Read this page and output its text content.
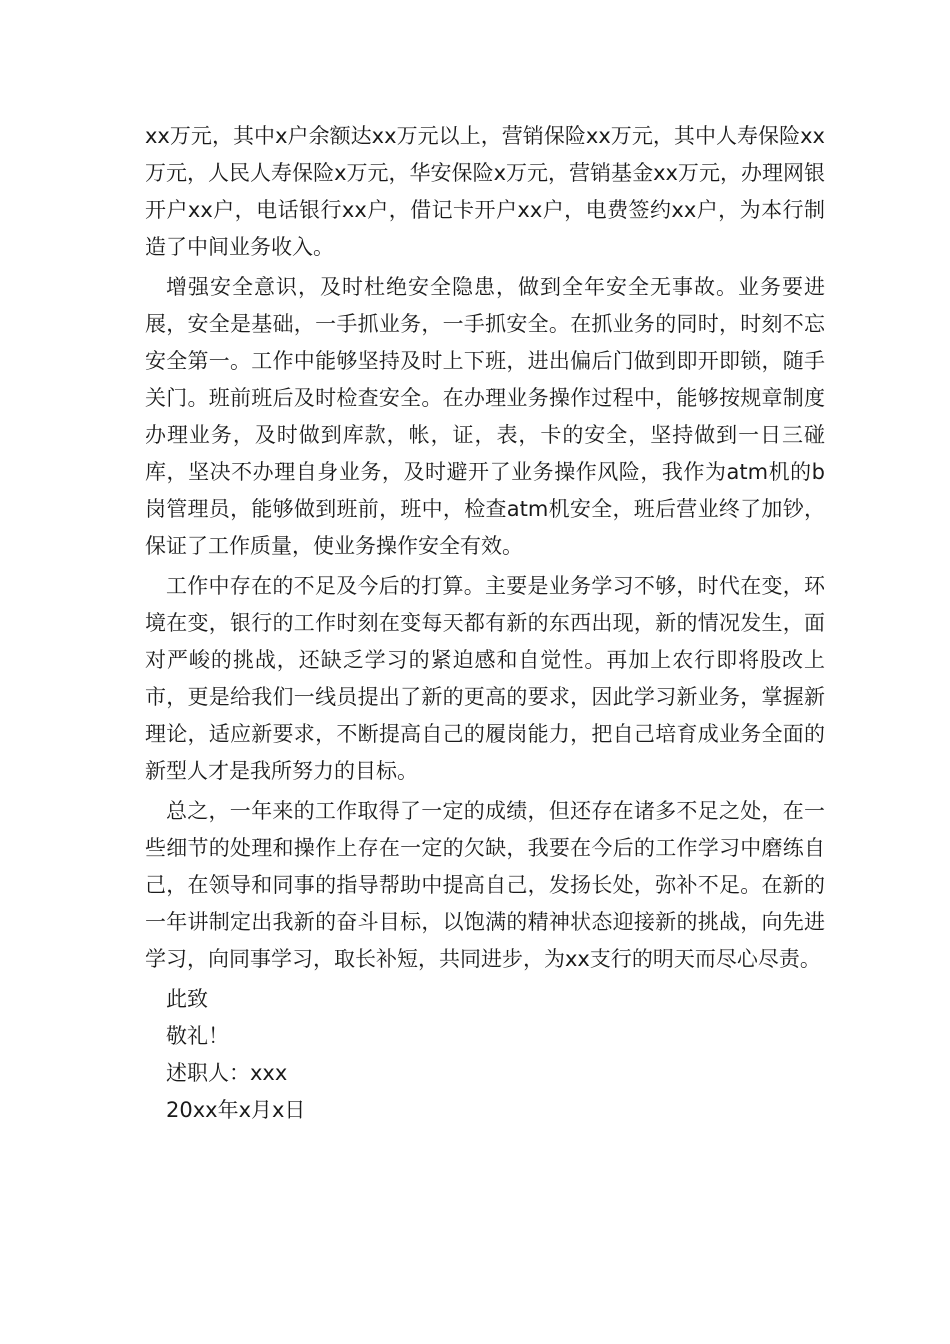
xx万元，其中x户余额达xx万元以上，营销保险xx万元，其中人寿保险xx万元，人民人寿保险x万元，华安保险x万元，营销基金xx万元，办理网银开户xx户，电话银行xx户，借记卡开户xx户，电费签约xx户，为本行制造了中间业务收入。

增强安全意识，及时杜绝安全隐患，做到全年安全无事故。业务要进展，安全是基础，一手抓业务，一手抓安全。在抓业务的同时，时刻不忘安全第一。工作中能够坚持及时上下班，进出偏后门做到即开即锁，随手关门。班前班后及时检查安全。在办理业务操作过程中，能够按规章制度办理业务，及时做到库款，帐，证，表，卡的安全，坚持做到一日三碰库，坚决不办理自身业务，及时避开了业务操作风险，我作为atm机的b岗管理员，能够做到班前，班中，检查atm机安全，班后营业终了加钞，保证了工作质量，使业务操作安全有效。

工作中存在的不足及今后的打算。主要是业务学习不够，时代在变，环境在变，银行的工作时刻在变每天都有新的东西出现，新的情况发生，面对严峻的挑战，还缺乏学习的紧迫感和自觉性。再加上农行即将股改上市，更是给我们一线员提出了新的更高的要求，因此学习新业务，掌握新理论，适应新要求，不断提高自己的履岗能力，把自己培育成业务全面的新型人才是我所努力的目标。

总之，一年来的工作取得了一定的成绩，但还存在诸多不足之处，在一些细节的处理和操作上存在一定的欠缺，我要在今后的工作学习中磨练自己，在领导和同事的指导帮助中提高自己，发扬长处，弥补不足。在新的一年讲制定出我新的奋斗目标，以饱满的精神状态迎接新的挑战，向先进学习，向同事学习，取长补短，共同进步，为xx支行的明天而尽心尽责。

此致

敬礼！

述职人：xxx

20xx年x月x日
